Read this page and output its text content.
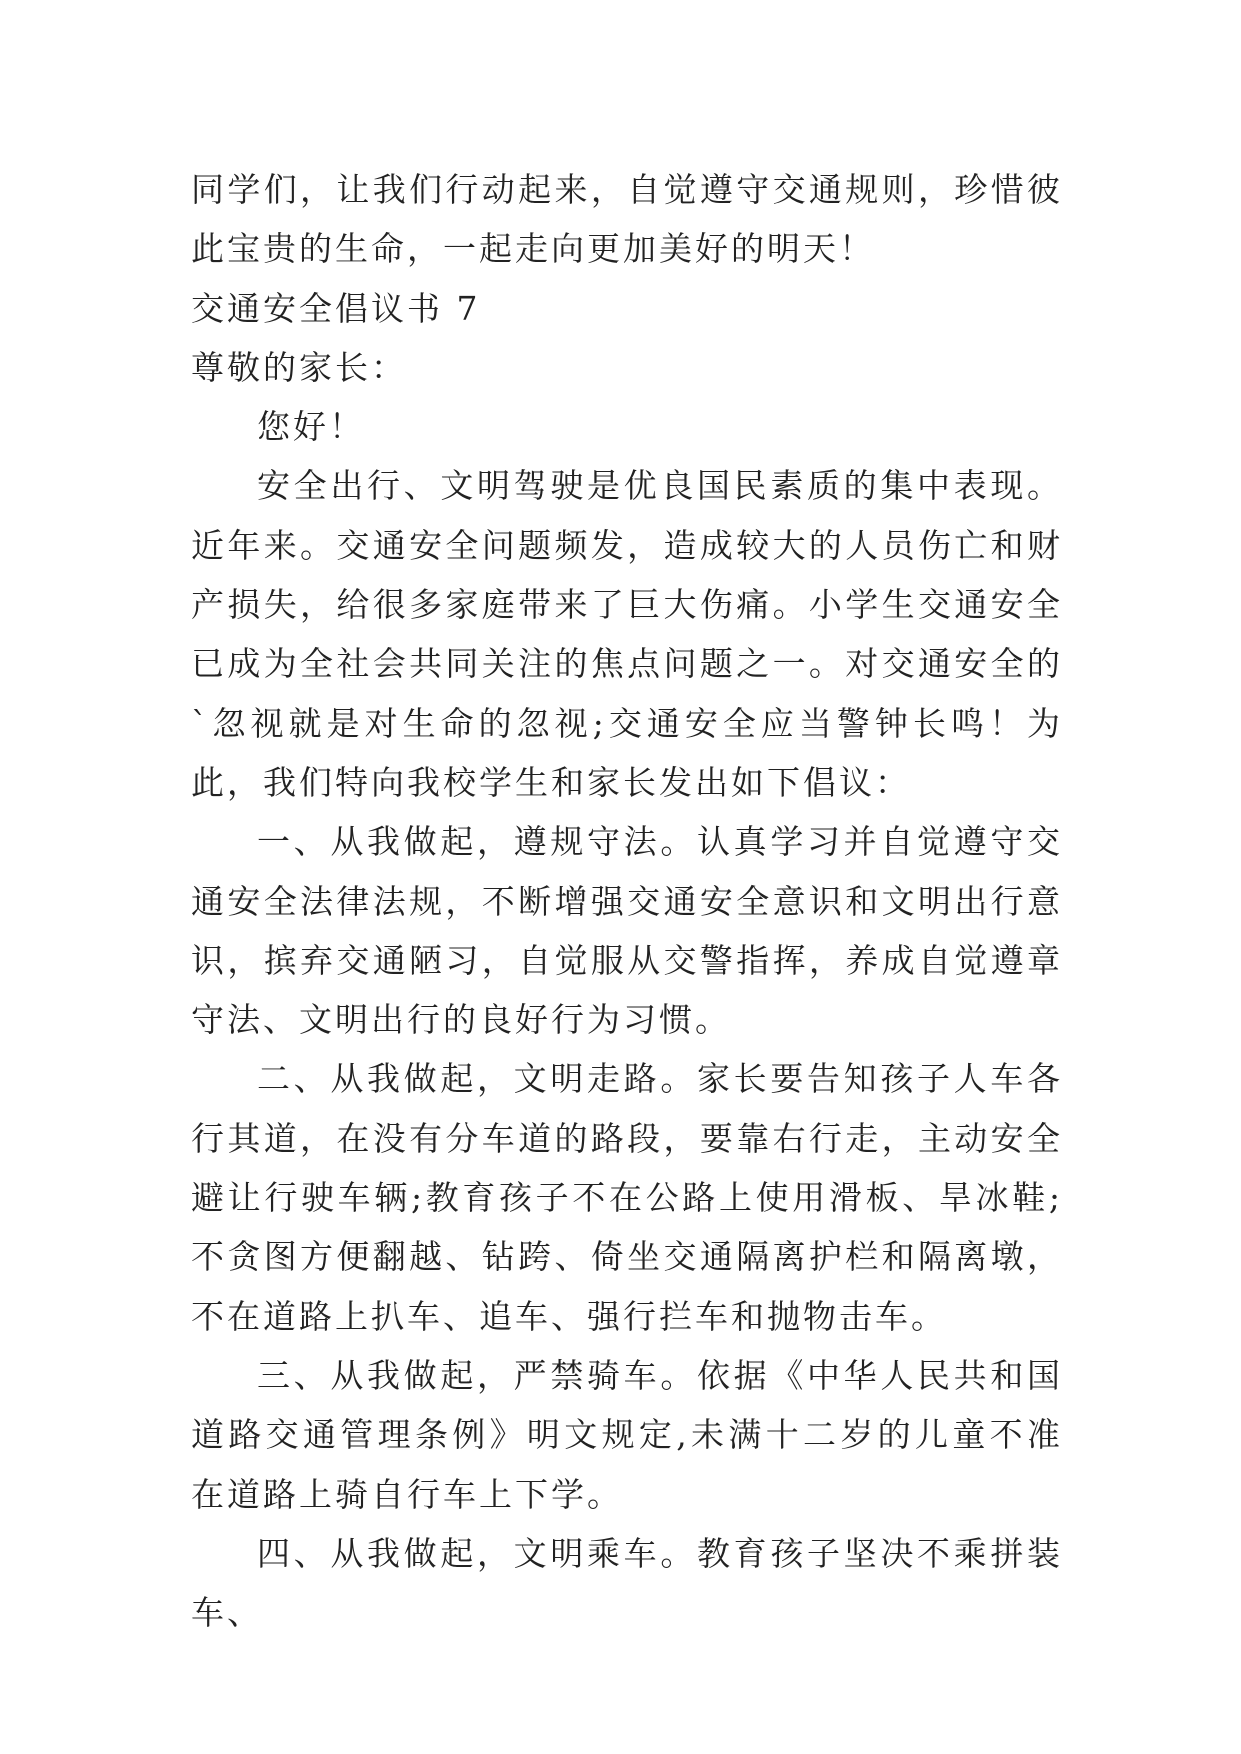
同学们，让我们行动起来，自觉遵守交通规则，珍惜彼此宝贵的生命，一起走向更加美好的明天！

交通安全倡议书 7

尊敬的家长：

您好！

安全出行、文明驾驶是优良国民素质的集中表现。近年来。交通安全问题频发，造成较大的人员伤亡和财产损失，给很多家庭带来了巨大伤痛。小学生交通安全已成为全社会共同关注的焦点问题之一。对交通安全的`忽视就是对生命的忽视;交通安全应当警钟长鸣！为此，我们特向我校学生和家长发出如下倡议：

一、从我做起，遵规守法。认真学习并自觉遵守交通安全法律法规，不断增强交通安全意识和文明出行意识，摈弃交通陋习，自觉服从交警指挥，养成自觉遵章守法、文明出行的良好行为习惯。

二、从我做起，文明走路。家长要告知孩子人车各行其道，在没有分车道的路段，要靠右行走，主动安全避让行驶车辆;教育孩子不在公路上使用滑板、旱冰鞋;不贪图方便翻越、钻跨、倚坐交通隔离护栏和隔离墩，不在道路上扒车、追车、强行拦车和抛物击车。

三、从我做起，严禁骑车。依据《中华人民共和国道路交通管理条例》明文规定,未满十二岁的儿童不准在道路上骑自行车上下学。

四、从我做起，文明乘车。教育孩子坚决不乘拼装车、
